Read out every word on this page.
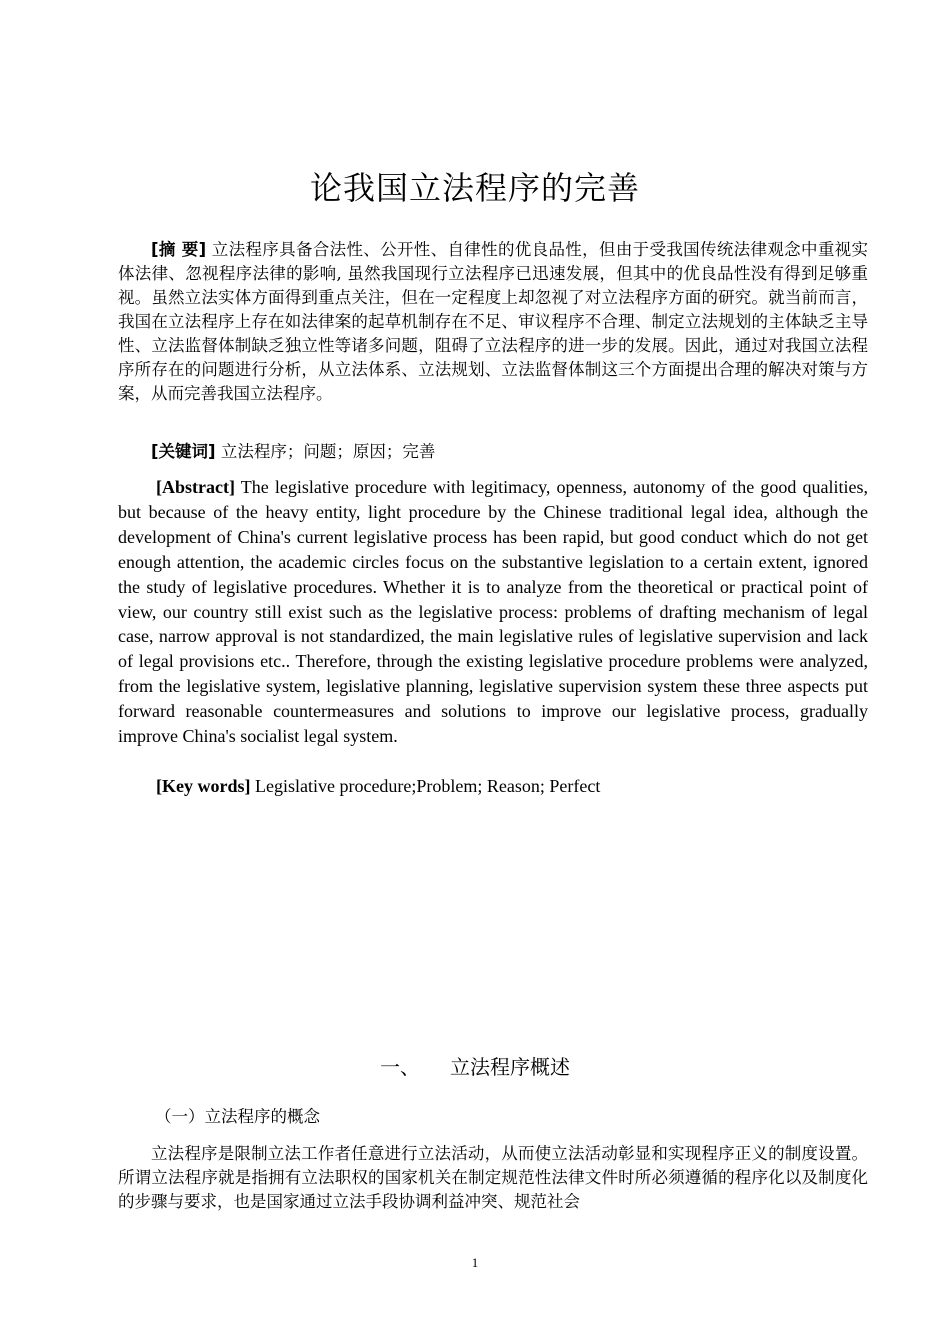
论我国立法程序的完善

[摘 要] 立法程序具备合法性、公开性、自律性的优良品性，但由于受我国传统法律观念中重视实体法律、忽视程序法律的影响, 虽然我国现行立法程序已迅速发展，但其中的优良品性没有得到足够重视。虽然立法实体方面得到重点关注，但在一定程度上却忽视了对立法程序方面的研究。就当前而言，我国在立法程序上存在如法律案的起草机制存在不足、审议程序不合理、制定立法规划的主体缺乏主导性、立法监督体制缺乏独立性等诸多问题，阻碍了立法程序的进一步的发展。因此，通过对我国立法程序所存在的问题进行分析，从立法体系、立法规划、立法监督体制这三个方面提出合理的解决对策与方案，从而完善我国立法程序。

[关键词] 立法程序；问题；原因；完善

[Abstract] The legislative procedure with legitimacy, openness, autonomy of the good qualities, but because of the heavy entity, light procedure by the Chinese traditional legal idea, although the development of China's current legislative process has been rapid, but good conduct which do not get enough attention, the academic circles focus on the substantive legislation to a certain extent, ignored the study of legislative procedures. Whether it is to analyze from the theoretical or practical point of view, our country still exist such as the legislative process: problems of drafting mechanism of legal case, narrow approval is not standardized, the main legislative rules of legislative supervision and lack of legal provisions etc.. Therefore, through the existing legislative procedure problems were analyzed, from the legislative system, legislative planning, legislative supervision system these three aspects put forward reasonable countermeasures and solutions to improve our legislative process, gradually improve China's socialist legal system.

[Key words] Legislative procedure;Problem; Reason; Perfect

一、 立法程序概述
（一）立法程序的概念

立法程序是限制立法工作者任意进行立法活动，从而使立法活动彰显和实现程序正义的制度设置。所谓立法程序就是指拥有立法职权的国家机关在制定规范性法律文件时所必须遵循的程序化以及制度化的步骤与要求，也是国家通过立法手段协调利益冲突、规范社会

1
